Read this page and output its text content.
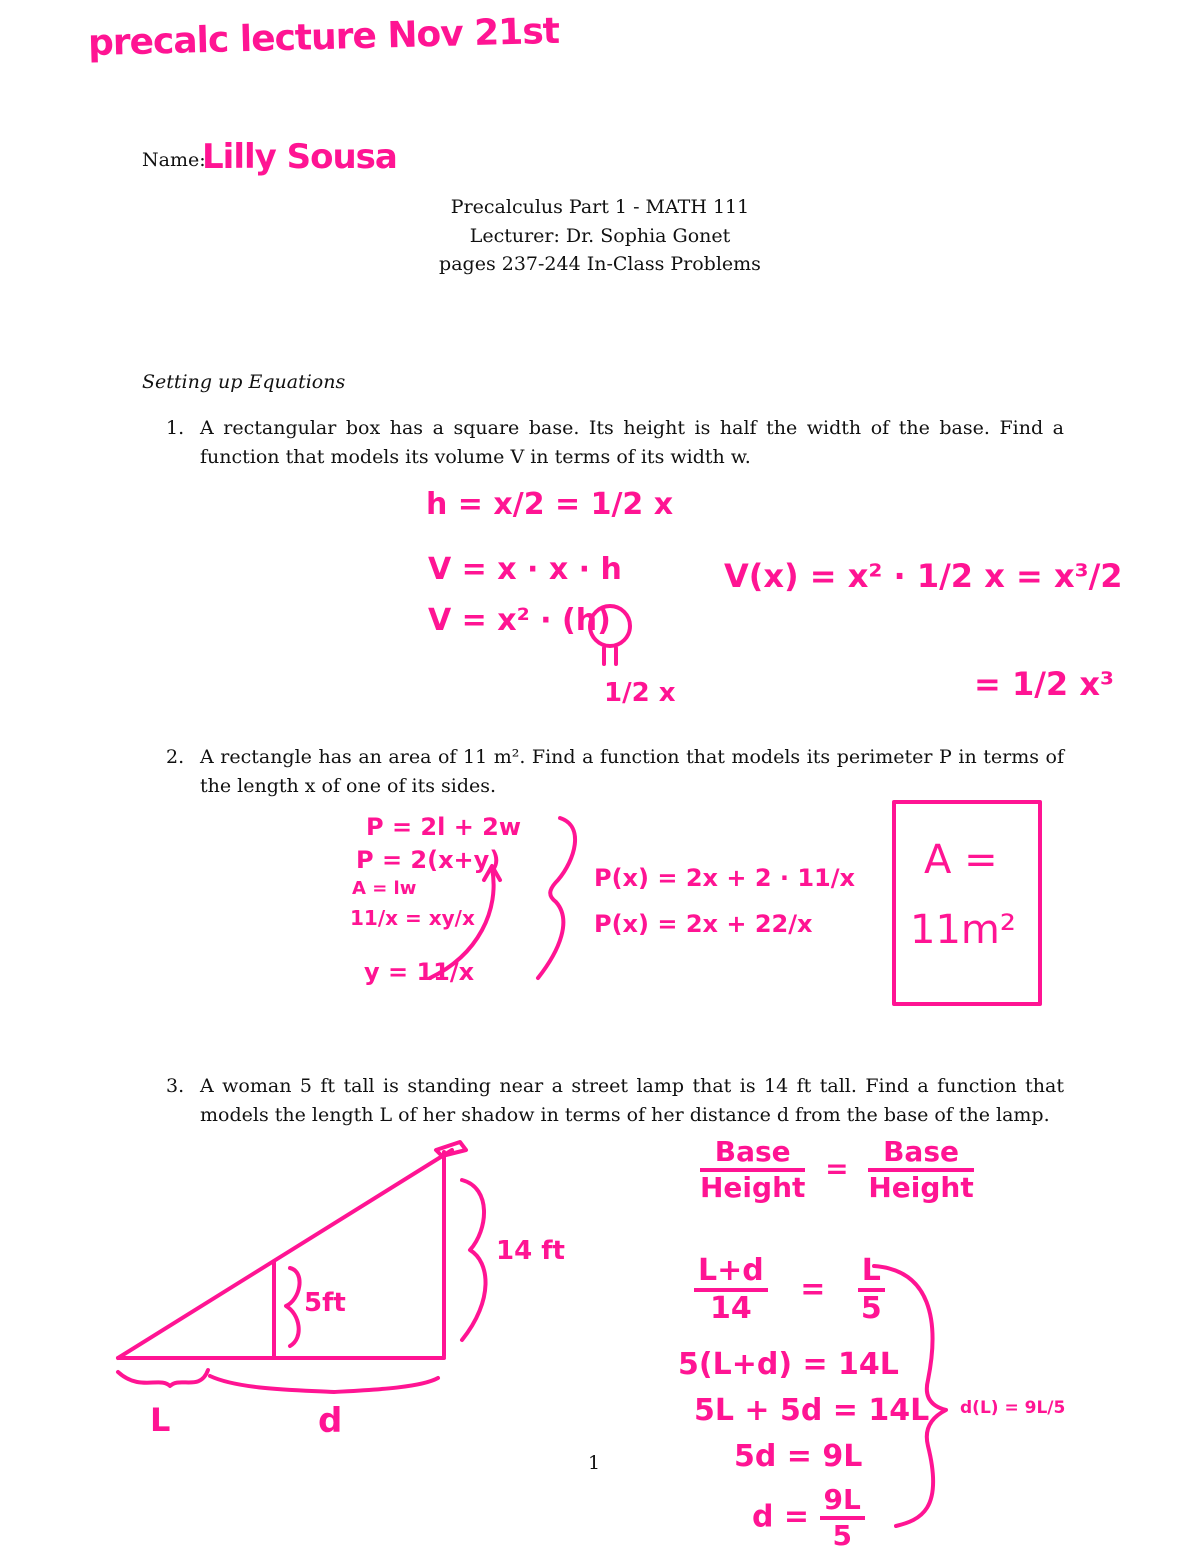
precalc lecture Nov 21st
Name:
Lilly Sousa
Precalculus Part 1 - MATH 111
Lecturer: Dr. Sophia Gonet
pages 237-244 In-Class Problems
Setting up Equations
1. A rectangular box has a square base. Its height is half the width of the base. Find a function that models its volume V in terms of its width w.
2. A rectangle has an area of 11 m². Find a function that models its perimeter P in terms of the length x of one of its sides.
3. A woman 5 ft tall is standing near a street lamp that is 14 ft tall. Find a function that models the length L of her shadow in terms of her distance d from the base of the lamp.
h = x/2 = 1/2 x
V = x · x · h
V = x² · (h)
1/2 x
V(x) = x² · 1/2 x = x³/2
= 1/2 x³
P = 2l + 2w
P = 2(x+y)
A = lw
11/x = xy/x
y = 11/x
P(x) = 2x + 2 · 11/x
P(x) = 2x + 22/x
A =
11m²
14 ft
5ft
L	d
$\frac{\text{Base}}{\text{Height}} = \frac{\text{Base}}{\text{Height}}$
$\frac{L+d}{14} = \frac{L}{5}$
5(L+d) = 14L
5L + 5d = 14L
5d = 9L
$d = \frac{9L}{5}$
d(L) = 9L/5
1
